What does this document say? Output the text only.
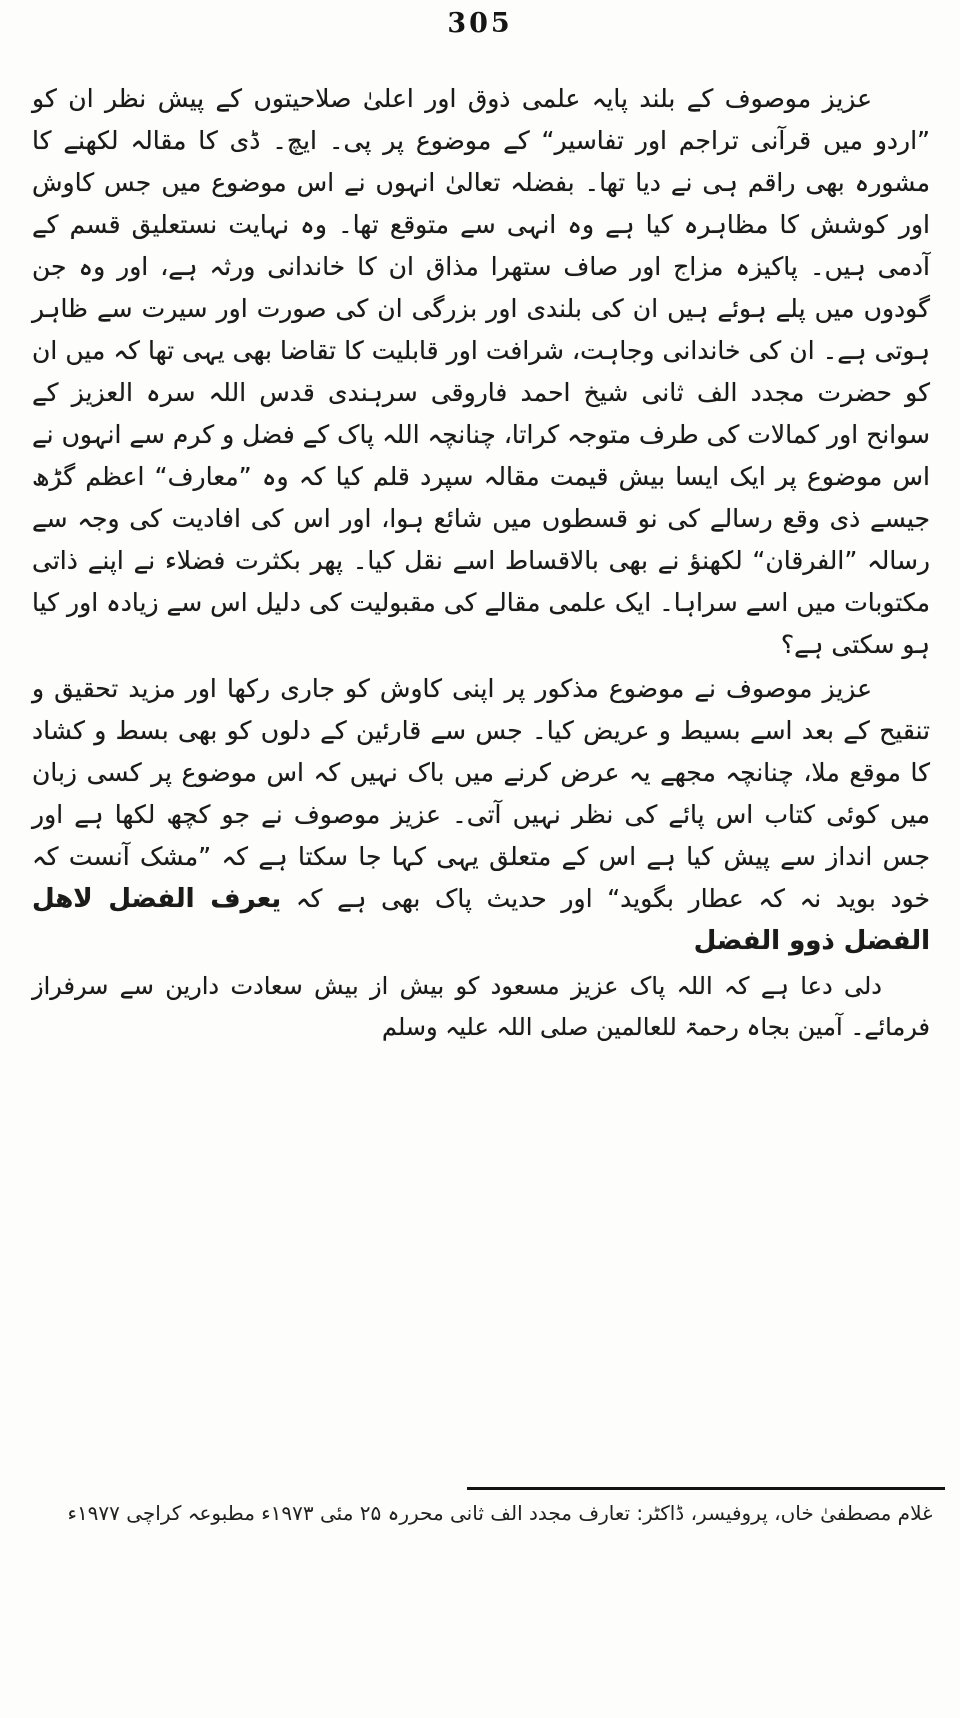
305

عزیز موصوف کے بلند پایہ علمی ذوق اور اعلیٰ صلاحیتوں کے پیش نظر ان کو ”اردو میں قرآنی تراجم اور تفاسیر“ کے موضوع پر پی۔ ایچ۔ ڈی کا مقالہ لکھنے کا مشورہ بھی راقم ہی نے دیا تھا۔ بفضلہ تعالیٰ انہوں نے اس موضوع میں جس کاوش اور کوشش کا مظاہرہ کیا ہے وہ انہی سے متوقع تھا۔ وہ نہایت نستعلیق قسم کے آدمی ہیں۔ پاکیزہ مزاج اور صاف ستھرا مذاق ان کا خاندانی ورثہ ہے، اور وہ جن گودوں میں پلے ہوئے ہیں ان کی بلندی اور بزرگی ان کی صورت اور سیرت سے ظاہر ہوتی ہے۔ ان کی خاندانی وجاہت، شرافت اور قابلیت کا تقاضا بھی یہی تھا کہ میں ان کو حضرت مجدد الف ثانی شیخ احمد فاروقی سرہندی قدس اللہ سرہ العزیز کے سوانح اور کمالات کی طرف متوجہ کراتا، چنانچہ اللہ پاک کے فضل و کرم سے انہوں نے اس موضوع پر ایک ایسا بیش قیمت مقالہ سپرد قلم کیا کہ وہ ”معارف“ اعظم گڑھ جیسے ذی وقع رسالے کی نو قسطوں میں شائع ہوا، اور اس کی افادیت کی وجہ سے رسالہ ”الفرقان“ لکھنؤ نے بھی بالاقساط اسے نقل کیا۔ پھر بکثرت فضلاء نے اپنے ذاتی مکتوبات میں اسے سراہا۔ ایک علمی مقالے کی مقبولیت کی دلیل اس سے زیادہ اور کیا ہو سکتی ہے؟

عزیز موصوف نے موضوع مذکور پر اپنی کاوش کو جاری رکھا اور مزید تحقیق و تنقیح کے بعد اسے بسیط و عریض کیا۔ جس سے قارئین کے دلوں کو بھی بسط و کشاد کا موقع ملا، چنانچہ مجھے یہ عرض کرنے میں باک نہیں کہ اس موضوع پر کسی زبان میں کوئی کتاب اس پائے کی نظر نہیں آتی۔ عزیز موصوف نے جو کچھ لکھا ہے اور جس انداز سے پیش کیا ہے اس کے متعلق یہی کہا جا سکتا ہے کہ ”مشک آنست کہ خود بوید نہ کہ عطار بگوید“ اور حدیث پاک بھی ہے کہ یعرف الفضل لاھل الفضل ذوو الفضل

دلی دعا ہے کہ اللہ پاک عزیز مسعود کو بیش از بیش سعادت دارین سے سرفراز فرمائے۔ آمین بجاہ رحمۃ للعالمین صلی اللہ علیہ وسلم

غلام مصطفیٰ خاں، پروفیسر، ڈاکٹر: تعارف مجدد الف ثانی محررہ ۲۵ مئی ۱۹۷۳ء مطبوعہ کراچی ۱۹۷۷ء
